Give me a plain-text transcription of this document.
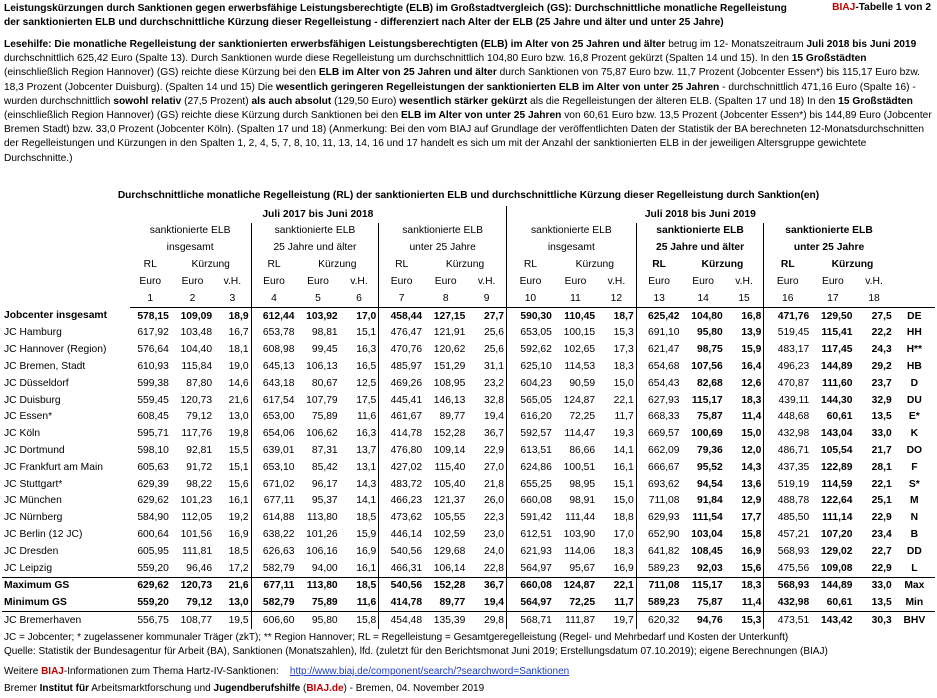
Leistungskürzungen durch Sanktionen gegen erwerbsfähige Leistungsberechtigte (ELB) im Großstadtvergleich (GS): Durchschnittliche monatliche Regelleistung der sanktionierten ELB und durchschnittliche Kürzung dieser Regelleistung - differenziert nach Alter der ELB (25 Jahre und älter und unter 25 Jahre)
BIAJ-Tabelle 1 von 2
Lesehilfe: Die monatliche Regelleistung der sanktionierten erwerbsfähigen Leistungsberechtigten (ELB) im Alter von 25 Jahren und älter betrug im 12- Monatszeitraum Juli 2018 bis Juni 2019 durchschnittlich 625,42 Euro (Spalte 13). Durch Sanktionen wurde diese Regelleistung um durchschnittlich 104,80 Euro bzw. 16,8 Prozent gekürzt (Spalten 14 und 15). In den 15 Großstädten (einschließlich Region Hannover) (GS) reichte diese Kürzung bei den ELB im Alter von 25 Jahren und älter durch Sanktionen von 75,87 Euro bzw. 11,7 Prozent (Jobcenter Essen*) bis 115,17 Euro bzw. 18,3 Prozent (Jobcenter Duisburg). (Spalten 14 und 15) Die wesentlich geringeren Regelleistungen der sanktionierten ELB im Alter von unter 25 Jahren - durchschnittlich 471,16 Euro (Spalte 16) - wurden durchschnittlich sowohl relativ (27,5 Prozent) als auch absolut (129,50 Euro) wesentlich stärker gekürzt als die Regelleistungen der älteren ELB. (Spalten 17 und 18) In den 15 Großstädten (einschließlich Region Hannover) (GS) reichte diese Kürzung durch Sanktionen bei den ELB im Alter von unter 25 Jahren von 60,61 Euro bzw. 13,5 Prozent (Jobcenter Essen*) bis 144,89 Euro (Jobcenter Bremen Stadt) bzw. 33,0 Prozent (Jobcenter Köln). (Spalten 17 und 18) (Anmerkung: Bei den vom BIAJ auf Grundlage der veröffentlichten Daten der Statistik der BA berechneten 12-Monatsdurchschnitten der Regelleistungen und Kürzungen in den Spalten 1, 2, 4, 5, 7, 8, 10, 11, 13, 14, 16 und 17 handelt es sich um mit der Anzahl der sanktionierten ELB in der jeweiligen Altersgruppe gewichtete Durchschnitte.)
Durchschnittliche monatliche Regelleistung (RL) der sanktionierten ELB und durchschnittliche Kürzung dieser Regelleistung durch Sanktion(en)
	Juli 2017 bis Juni 2018									Juli 2018 bis Juni 2019									
	sanktionierte ELB			sanktionierte ELB			sanktionierte ELB			sanktionierte ELB			sanktionierte ELB			sanktionierte ELB			
	insgesamt			25 Jahre und älter			unter 25 Jahre			insgesamt			25 Jahre und älter			unter 25 Jahre			
	RL	Kürzung		RL	Kürzung		RL	Kürzung		RL	Kürzung		RL	Kürzung		RL	Kürzung		
	Euro	Euro	v.H.	Euro	Euro	v.H.	Euro	Euro	v.H.	Euro	Euro	v.H.	Euro	Euro	v.H.	Euro	Euro	v.H.	
	1	2	3	4	5	6	7	8	9	10	11	12	13	14	15	16	17	18	
Jobcenter insgesamt	578,15	109,09	18,9	612,44	103,92	17,0	458,44	127,15	27,7	590,30	110,45	18,7	625,42	104,80	16,8	471,76	129,50	27,5	DE
JC Hamburg	617,92	103,48	16,7	653,78	98,81	15,1	476,47	121,91	25,6	653,05	100,15	15,3	691,10	95,80	13,9	519,45	115,41	22,2	HH
JC Hannover (Region)	576,64	104,40	18,1	608,98	99,45	16,3	470,76	120,62	25,6	592,62	102,65	17,3	621,47	98,75	15,9	483,17	117,45	24,3	H**
JC Bremen, Stadt	610,93	115,84	19,0	645,13	106,13	16,5	485,97	151,29	31,1	625,10	114,53	18,3	654,68	107,56	16,4	496,23	144,89	29,2	HB
JC Düsseldorf	599,38	87,80	14,6	643,18	80,67	12,5	469,26	108,95	23,2	604,23	90,59	15,0	654,43	82,68	12,6	470,87	111,60	23,7	D
JC Duisburg	559,45	120,73	21,6	617,54	107,79	17,5	445,41	146,13	32,8	565,05	124,87	22,1	627,93	115,17	18,3	439,11	144,30	32,9	DU
JC Essen*	608,45	79,12	13,0	653,00	75,89	11,6	461,67	89,77	19,4	616,20	72,25	11,7	668,33	75,87	11,4	448,68	60,61	13,5	E*
JC Köln	595,71	117,76	19,8	654,06	106,62	16,3	414,78	152,28	36,7	592,57	114,47	19,3	669,57	100,69	15,0	432,98	143,04	33,0	K
JC Dortmund	598,10	92,81	15,5	639,01	87,31	13,7	476,80	109,14	22,9	613,51	86,66	14,1	662,09	79,36	12,0	486,71	105,54	21,7	DO
JC Frankfurt am Main	605,63	91,72	15,1	653,10	85,42	13,1	427,02	115,40	27,0	624,86	100,51	16,1	666,67	95,52	14,3	437,35	122,89	28,1	F
JC Stuttgart*	629,39	98,22	15,6	671,02	96,17	14,3	483,72	105,40	21,8	655,25	98,95	15,1	693,62	94,54	13,6	519,19	114,59	22,1	S*
JC München	629,62	101,23	16,1	677,11	95,37	14,1	466,23	121,37	26,0	660,08	98,91	15,0	711,08	91,84	12,9	488,78	122,64	25,1	M
JC Nürnberg	584,90	112,05	19,2	614,88	113,80	18,5	473,62	105,55	22,3	591,42	111,44	18,8	629,93	111,54	17,7	485,50	111,14	22,9	N
JC Berlin (12 JC)	600,64	101,56	16,9	638,22	101,26	15,9	446,14	102,59	23,0	612,51	103,90	17,0	652,90	103,04	15,8	457,21	107,20	23,4	B
JC Dresden	605,95	111,81	18,5	626,63	106,16	16,9	540,56	129,68	24,0	621,93	114,06	18,3	641,82	108,45	16,9	568,93	129,02	22,7	DD
JC Leipzig	559,20	96,46	17,2	582,79	94,00	16,1	466,31	106,14	22,8	564,97	95,67	16,9	589,23	92,03	15,6	475,56	109,08	22,9	L
Maximum GS	629,62	120,73	21,6	677,11	113,80	18,5	540,56	152,28	36,7	660,08	124,87	22,1	711,08	115,17	18,3	568,93	144,89	33,0	Max
Minimum GS	559,20	79,12	13,0	582,79	75,89	11,6	414,78	89,77	19,4	564,97	72,25	11,7	589,23	75,87	11,4	432,98	60,61	13,5	Min
JC Bremerhaven	556,75	108,77	19,5	606,60	95,80	15,8	454,48	135,39	29,8	568,71	111,87	19,7	620,32	94,76	15,3	473,51	143,42	30,3	BHV
JC = Jobcenter; * zugelassener kommunaler Träger (zkT); ** Region Hannover; RL = Regelleistung = Gesamtgeregelleistung (Regel- und Mehrbedarf und Kosten der Unterkunft)
Quelle: Statistik der Bundesagentur für Arbeit (BA), Sanktionen (Monatszahlen), lfd. (zuletzt für den Berichtsmonat Juni 2019; Erstellungsdatum 07.10.2019); eigene Berechnungen (BIAJ)
Weitere BIAJ-Informationen zum Thema Hartz-IV-Sanktionen: http://www.biaj.de/component/search/?searchword=Sanktionen
Bremer Institut für Arbeitsmarktforschung und Jugendberufshilfe (BIAJ.de) - Bremen, 04. November 2019
